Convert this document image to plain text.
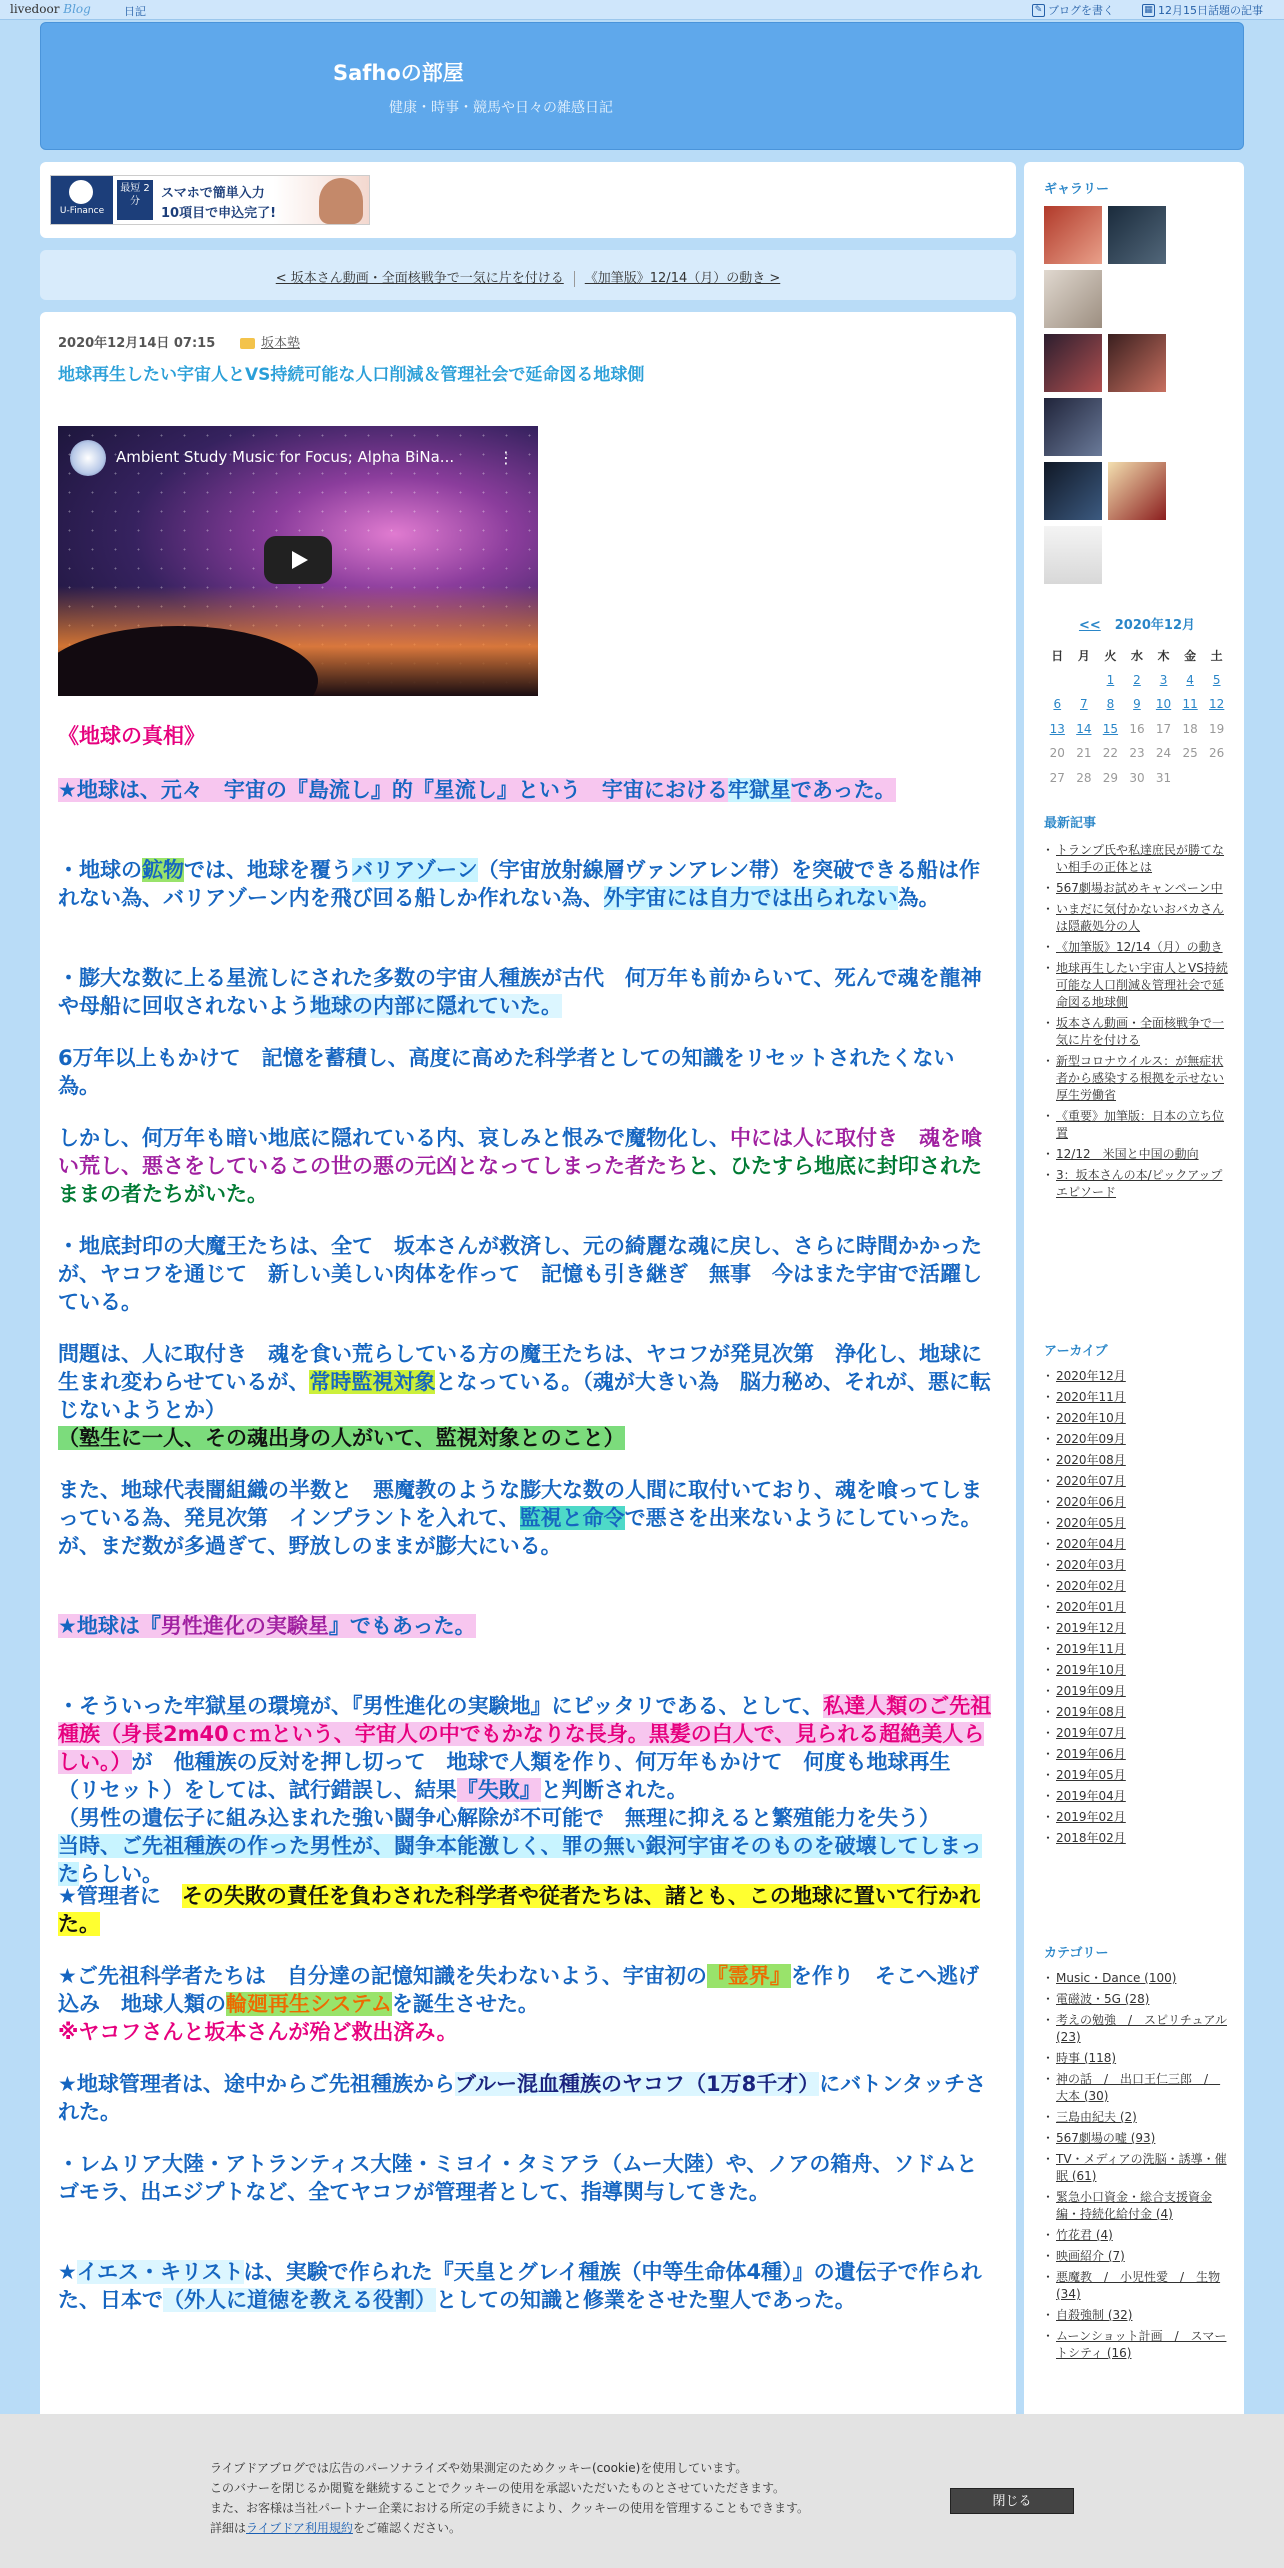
livedoor Blog	日記	✎ ブログを書く	▦ 12月15日話題の記事
Safhoの部屋
健康・時事・競馬や日々の雑感日記
U-Finance
最短 2分
スマホで簡単入力
10項目で申込完了!
< 坂本さん動画・全面核戦争で一気に片を付ける 《加筆版》12/14（月）の動き >
2020年12月14日 07:15	坂本塾
地球再生したい宇宙人とVS持続可能な人口削減＆管理社会で延命図る地球側
Ambient Study Music for Focus; Alpha BiNa...	⋮
《地球の真相》
★地球は、元々　宇宙の『島流し』的『星流し』という　宇宙における牢獄星であった。
・地球の鉱物では、地球を覆うバリアゾーン（宇宙放射線層ヴァンアレン帯）を突破できる船は作れない為、バリアゾーン内を飛び回る船しか作れない為、外宇宙には自力では出られない為。
・膨大な数に上る星流しにされた多数の宇宙人種族が古代　何万年も前からいて、死んで魂を龍神や母船に回収されないよう地球の内部に隠れていた。
6万年以上もかけて　記憶を蓄積し、高度に高めた科学者としての知識をリセットされたくない為。
しかし、何万年も暗い地底に隠れている内、哀しみと恨みで魔物化し、中には人に取付き　魂を喰い荒し、悪さをしているこの世の悪の元凶となってしまった者たちと、ひたすら地底に封印されたままの者たちがいた。
・地底封印の大魔王たちは、全て　坂本さんが救済し、元の綺麗な魂に戻し、さらに時間かかったが、ヤコフを通じて　新しい美しい肉体を作って　記憶も引き継ぎ　無事　今はまた宇宙で活躍している。
問題は、人に取付き　魂を食い荒らしている方の魔王たちは、ヤコフが発見次第　浄化し、地球に生まれ変わらせているが、常時監視対象となっている。（魂が大きい為　脳力秘め、それが、悪に転じないようとか）
（塾生に一人、その魂出身の人がいて、監視対象とのこと）
また、地球代表闇組織の半数と　悪魔教のような膨大な数の人間に取付いており、魂を喰ってしまっている為、発見次第　インプラントを入れて、監視と命令で悪さを出来ないようにしていった。
が、まだ数が多過ぎて、野放しのままが膨大にいる。
★地球は『男性進化の実験星』でもあった。
・そういった牢獄星の環境が、『男性進化の実験地』にピッタリである、として、私達人類のご先祖種族（身長2m40ｃｍという、宇宙人の中でもかなりな長身。黒髪の白人で、見られる超絶美人らしい。）が　他種族の反対を押し切って　地球で人類を作り、何万年もかけて　何度も地球再生（リセット）をしては、試行錯誤し、結果『失敗』と判断された。
（男性の遺伝子に組み込まれた強い闘争心解除が不可能で　無理に抑えると繁殖能力を失う）
当時、ご先祖種族の作った男性が、闘争本能激しく、罪の無い銀河宇宙そのものを破壊してしまったらしい。
★管理者に　その失敗の責任を負わされた科学者や従者たちは、諸とも、この地球に置いて行かれた。
★ご先祖科学者たちは　自分達の記憶知識を失わないよう、宇宙初の『霊界』を作り　そこへ逃げ込み　地球人類の輪廻再生システムを誕生させた。
※ヤコフさんと坂本さんが殆ど救出済み。
★地球管理者は、途中からご先祖種族からブルー混血種族のヤコフ（1万8千才）にバトンタッチされた。
・レムリア大陸・アトランティス大陸・ミヨイ・タミアラ（ムー大陸）や、ノアの箱舟、ソドムとゴモラ、出エジプトなど、全てヤコフが管理者として、指導関与してきた。
★イエス・キリストは、実験で作られた『天皇とグレイ種族（中等生命体4種）』の遺伝子で作られた、日本で（外人に道徳を教える役割）としての知識と修業をさせた聖人であった。
ギャラリー
<< 2020年12月
日	月	火	水	木	金	土
		1	2	3	4	5
6	7	8	9	10	11	12
13	14	15	16	17	18	19
20	21	22	23	24	25	26
27	28	29	30	31		
最新記事
・ トランプ氏や私達庶民が勝てない相手の正体とは
・ 567劇場お試めキャンペーン中
・ いまだに気付かないおバカさんは隠蔽処分の人
・ 《加筆版》12/14（月）の動き
・ 地球再生したい宇宙人とVS持続可能な人口削減＆管理社会で延命図る地球側
・ 坂本さん動画・全面核戦争で一気に片を付ける
・ 新型コロナウイルス：が無症状者から感染する根拠を示せない厚生労働省
・ 《重要》加筆版：日本の立ち位置
・ 12/12　米国と中国の動向
・ 3：坂本さんの本/ピックアップエピソード
アーカイブ
・ 2020年12月
・ 2020年11月
・ 2020年10月
・ 2020年09月
・ 2020年08月
・ 2020年07月
・ 2020年06月
・ 2020年05月
・ 2020年04月
・ 2020年03月
・ 2020年02月
・ 2020年01月
・ 2019年12月
・ 2019年11月
・ 2019年10月
・ 2019年09月
・ 2019年08月
・ 2019年07月
・ 2019年06月
・ 2019年05月
・ 2019年04月
・ 2019年02月
・ 2018年02月
カテゴリー
・ Music・Dance (100)
・ 電磁波・5G (28)
・ 考えの勉強　/　スピリチュアル (23)
・ 時事 (118)
・ 神の話　/　出口王仁三郎　/　大本 (30)
・ 三島由紀夫 (2)
・ 567劇場の嘘 (93)
・ TV・メディアの洗脳・誘導・催眠 (61)
・ 緊急小口資金・総合支援資金編・持続化給付金 (4)
・ 竹花君 (4)
・ 映画紹介 (7)
・ 悪魔教　/　小児性愛　/　生物 (34)
・ 自殺強制 (32)
・ ムーンショット計画　/　スマートシティ (16)
ライブドアブログでは広告のパーソナライズや効果測定のためクッキー(cookie)を使用しています。
このバナーを閉じるか閲覧を継続することでクッキーの使用を承認いただいたものとさせていただきます。
また、お客様は当社パートナー企業における所定の手続きにより、クッキーの使用を管理することもできます。
詳細はライブドア利用規約をご確認ください。
閉じる
